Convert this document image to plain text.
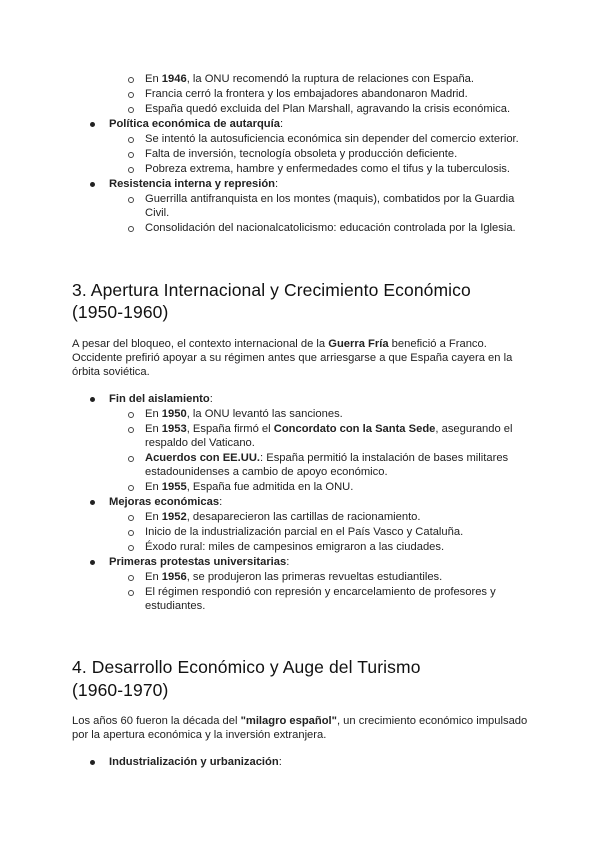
En 1946, la ONU recomendó la ruptura de relaciones con España.
Francia cerró la frontera y los embajadores abandonaron Madrid.
España quedó excluida del Plan Marshall, agravando la crisis económica.
Política económica de autarquía:
Se intentó la autosuficiencia económica sin depender del comercio exterior.
Falta de inversión, tecnología obsoleta y producción deficiente.
Pobreza extrema, hambre y enfermedades como el tifus y la tuberculosis.
Resistencia interna y represión:
Guerrilla antifranquista en los montes (maquis), combatidos por la Guardia
Civil.
Consolidación del nacionalcatolicismo: educación controlada por la Iglesia.
3. Apertura Internacional y Crecimiento Económico
(1950-1960)
A pesar del bloqueo, el contexto internacional de la Guerra Fría benefició a Franco.
Occidente prefirió apoyar a su régimen antes que arriesgarse a que España cayera en la
órbita soviética.
Fin del aislamiento:
En 1950, la ONU levantó las sanciones.
En 1953, España firmó el Concordato con la Santa Sede, asegurando el
respaldo del Vaticano.
Acuerdos con EE.UU.: España permitió la instalación de bases militares
estadounidenses a cambio de apoyo económico.
En 1955, España fue admitida en la ONU.
Mejoras económicas:
En 1952, desaparecieron las cartillas de racionamiento.
Inicio de la industrialización parcial en el País Vasco y Cataluña.
Éxodo rural: miles de campesinos emigraron a las ciudades.
Primeras protestas universitarias:
En 1956, se produjeron las primeras revueltas estudiantiles.
El régimen respondió con represión y encarcelamiento de profesores y
estudiantes.
4. Desarrollo Económico y Auge del Turismo
(1960-1970)
Los años 60 fueron la década del "milagro español", un crecimiento económico impulsado
por la apertura económica y la inversión extranjera.
Industrialización y urbanización:
